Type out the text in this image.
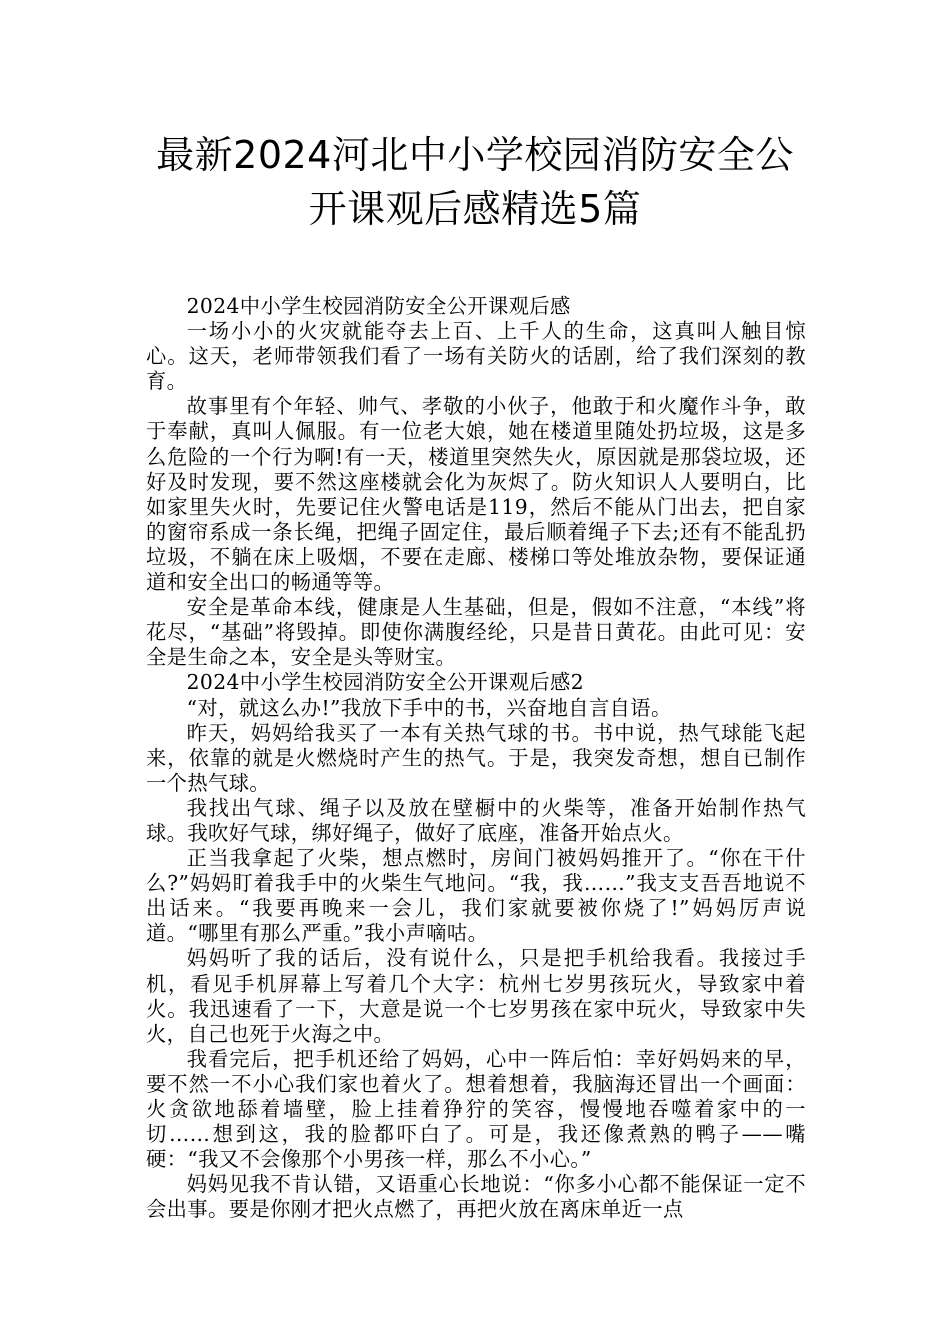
最新2024河北中小学校园消防安全公
开课观后感精选5篇

2024中小学生校园消防安全公开课观后感

一场小小的火灾就能夺去上百、上千人的生命，这真叫人触目惊心。这天，老师带领我们看了一场有关防火的话剧，给了我们深刻的教育。

故事里有个年轻、帅气、孝敬的小伙子，他敢于和火魔作斗争，敢于奉献，真叫人佩服。有一位老大娘，她在楼道里随处扔垃圾，这是多么危险的一个行为啊!有一天，楼道里突然失火，原因就是那袋垃圾，还好及时发现，要不然这座楼就会化为灰烬了。防火知识人人要明白，比如家里失火时，先要记住火警电话是119，然后不能从门出去，把自家的窗帘系成一条长绳，把绳子固定住，最后顺着绳子下去;还有不能乱扔垃圾，不躺在床上吸烟，不要在走廊、楼梯口等处堆放杂物，要保证通道和安全出口的畅通等等。

安全是革命本线，健康是人生基础，但是，假如不注意，“本线”将花尽，“基础”将毁掉。即使你满腹经纶，只是昔日黄花。由此可见：安全是生命之本，安全是头等财宝。

2024中小学生校园消防安全公开课观后感2

“对，就这么办!”我放下手中的书，兴奋地自言自语。

昨天，妈妈给我买了一本有关热气球的书。书中说，热气球能飞起来，依靠的就是火燃烧时产生的热气。于是，我突发奇想，想自已制作一个热气球。

我找出气球、绳子以及放在壁橱中的火柴等，准备开始制作热气球。我吹好气球，绑好绳子，做好了底座，准备开始点火。

正当我拿起了火柴，想点燃时，房间门被妈妈推开了。“你在干什么?”妈妈盯着我手中的火柴生气地问。“我，我……”我支支吾吾地说不出话来。“我要再晚来一会儿，我们家就要被你烧了!”妈妈厉声说道。“哪里有那么严重。”我小声嘀咕。

妈妈听了我的话后，没有说什么，只是把手机给我看。我接过手机，看见手机屏幕上写着几个大字：杭州七岁男孩玩火，导致家中着火。我迅速看了一下，大意是说一个七岁男孩在家中玩火，导致家中失火，自己也死于火海之中。

我看完后，把手机还给了妈妈，心中一阵后怕：幸好妈妈来的早，要不然一不小心我们家也着火了。想着想着，我脑海还冒出一个画面：火贪欲地舔着墙壁，脸上挂着狰狞的笑容，慢慢地吞噬着家中的一切……想到这，我的脸都吓白了。可是，我还像煮熟的鸭子——嘴硬：“我又不会像那个小男孩一样，那么不小心。”

妈妈见我不肯认错，又语重心长地说：“你多小心都不能保证一定不会出事。要是你刚才把火点燃了，再把火放在离床单近一点
